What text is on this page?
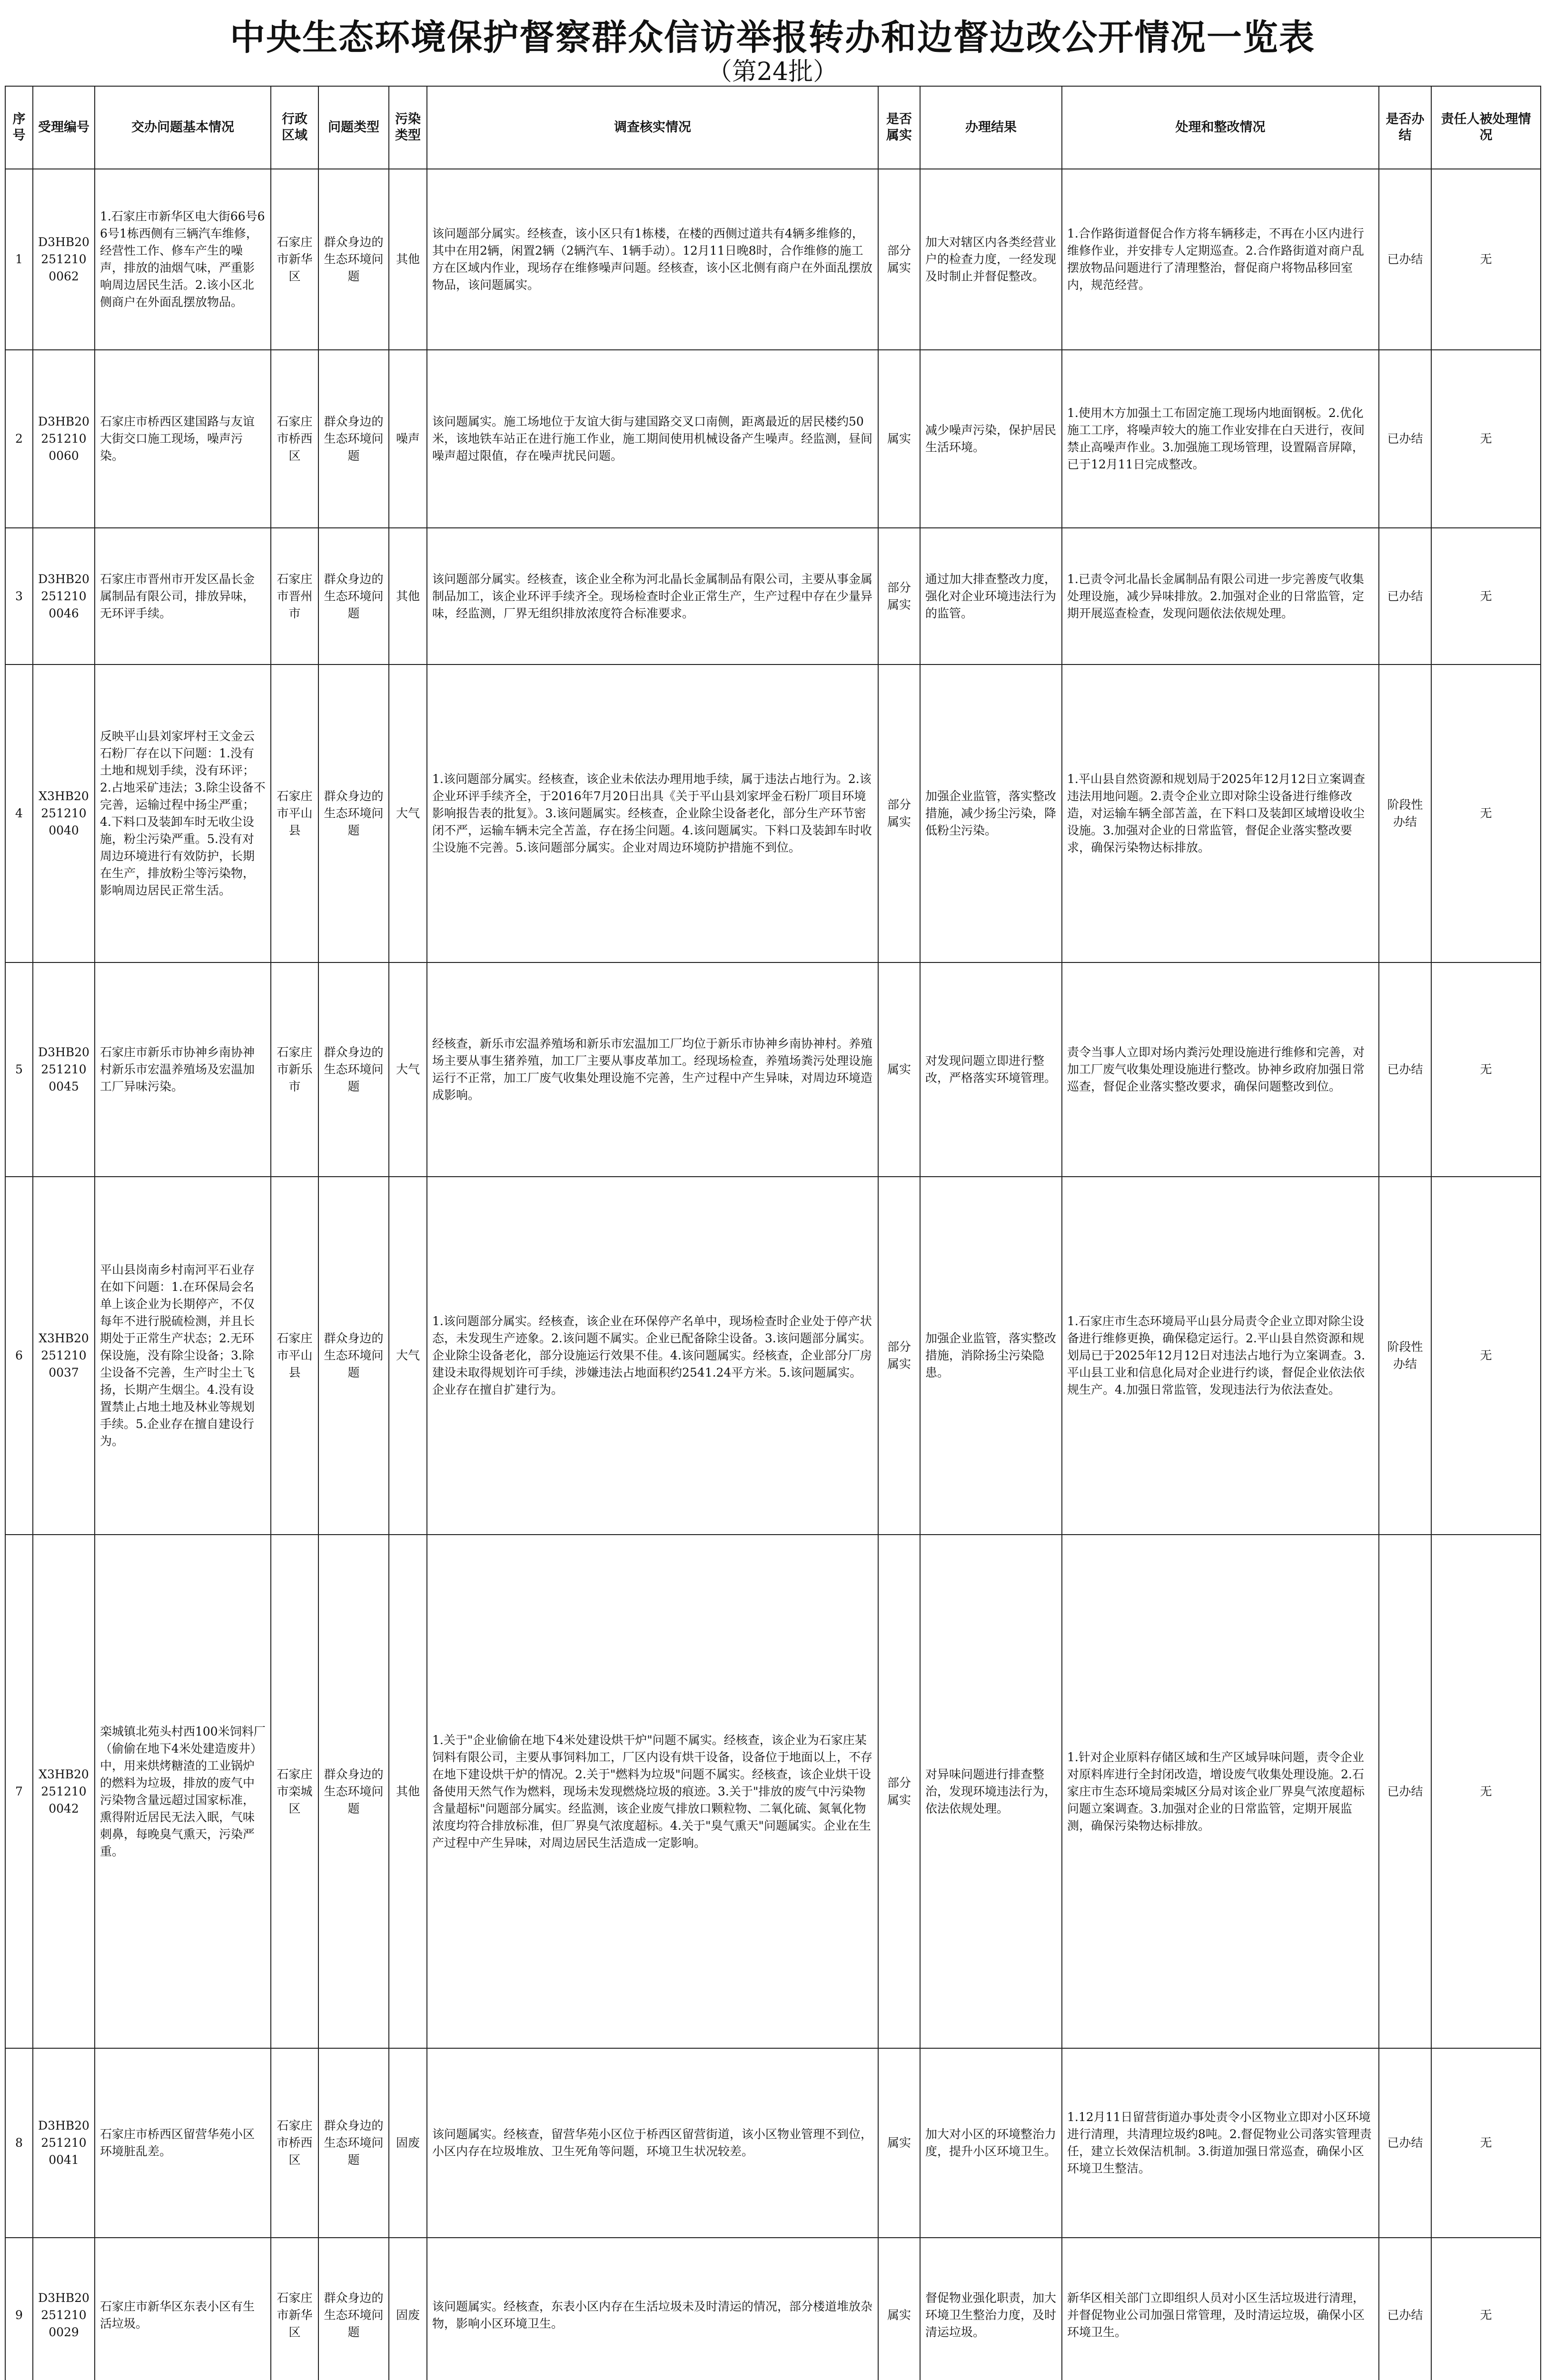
中央生态环境保护督察群众信访举报转办和边督边改公开情况一览表
（第24批）
序号	受理编号	交办问题基本情况	行政区域	问题类型	污染类型	调查核实情况	是否属实	办理结果	处理和整改情况	是否办结	责任人被处理情况
1	D3HB202512100062	1.石家庄市新华区电大街66号66号1栋西侧有三辆汽车维修，经营性工作、修车产生的噪声，排放的油烟气味，严重影响周边居民生活。2.该小区北侧商户在外面乱摆放物品。	石家庄市新华区	群众身边的生态环境问题	其他	该问题部分属实。经核查，该小区只有1栋楼，在楼的西侧过道共有4辆多维修的，其中在用2辆，闲置2辆（2辆汽车、1辆手动）。12月11日晚8时，合作维修的施工方在区域内作业，现场存在维修噪声问题。经核查，该小区北侧有商户在外面乱摆放物品，该问题属实。	部分属实	加大对辖区内各类经营业户的检查力度，一经发现及时制止并督促整改。	1.合作路街道督促合作方将车辆移走，不再在小区内进行维修作业，并安排专人定期巡查。2.合作路街道对商户乱摆放物品问题进行了清理整治，督促商户将物品移回室内，规范经营。	已办结	无
2	D3HB202512100060	石家庄市桥西区建国路与友谊大街交口施工现场，噪声污染。	石家庄市桥西区	群众身边的生态环境问题	噪声	该问题属实。施工场地位于友谊大街与建国路交叉口南侧，距离最近的居民楼约50米，该地铁车站正在进行施工作业，施工期间使用机械设备产生噪声。经监测，昼间噪声超过限值，存在噪声扰民问题。	属实	减少噪声污染，保护居民生活环境。	1.使用木方加强土工布固定施工现场内地面钢板。2.优化施工工序，将噪声较大的施工作业安排在白天进行，夜间禁止高噪声作业。3.加强施工现场管理，设置隔音屏障，已于12月11日完成整改。	已办结	无
3	D3HB202512100046	石家庄市晋州市开发区晶长金属制品有限公司，排放异味，无环评手续。	石家庄市晋州市	群众身边的生态环境问题	其他	该问题部分属实。经核查，该企业全称为河北晶长金属制品有限公司，主要从事金属制品加工，该企业环评手续齐全。现场检查时企业正常生产，生产过程中存在少量异味，经监测，厂界无组织排放浓度符合标准要求。	部分属实	通过加大排查整改力度，强化对企业环境违法行为的监管。	1.已责令河北晶长金属制品有限公司进一步完善废气收集处理设施，减少异味排放。2.加强对企业的日常监管，定期开展巡查检查，发现问题依法依规处理。	已办结	无
4	X3HB202512100040	反映平山县刘家坪村王文金云石粉厂存在以下问题：1.没有土地和规划手续，没有环评；2.占地采矿违法；3.除尘设备不完善，运输过程中扬尘严重；4.下料口及装卸车时无收尘设施，粉尘污染严重。5.没有对周边环境进行有效防护，长期在生产，排放粉尘等污染物，影响周边居民正常生活。	石家庄市平山县	群众身边的生态环境问题	大气	1.该问题部分属实。经核查，该企业未依法办理用地手续，属于违法占地行为。2.该企业环评手续齐全，于2016年7月20日出具《关于平山县刘家坪金石粉厂项目环境影响报告表的批复》。3.该问题属实。经核查，企业除尘设备老化，部分生产环节密闭不严，运输车辆未完全苫盖，存在扬尘问题。4.该问题属实。下料口及装卸车时收尘设施不完善。5.该问题部分属实。企业对周边环境防护措施不到位。	部分属实	加强企业监管，落实整改措施，减少扬尘污染，降低粉尘污染。	1.平山县自然资源和规划局于2025年12月12日立案调查违法用地问题。2.责令企业立即对除尘设备进行维修改造，对运输车辆全部苫盖，在下料口及装卸区域增设收尘设施。3.加强对企业的日常监管，督促企业落实整改要求，确保污染物达标排放。	阶段性办结	无
5	D3HB202512100045	石家庄市新乐市协神乡南协神村新乐市宏温养殖场及宏温加工厂异味污染。	石家庄市新乐市	群众身边的生态环境问题	大气	经核查，新乐市宏温养殖场和新乐市宏温加工厂均位于新乐市协神乡南协神村。养殖场主要从事生猪养殖，加工厂主要从事皮革加工。经现场检查，养殖场粪污处理设施运行不正常，加工厂废气收集处理设施不完善，生产过程中产生异味，对周边环境造成影响。	属实	对发现问题立即进行整改，严格落实环境管理。	责令当事人立即对场内粪污处理设施进行维修和完善，对加工厂废气收集处理设施进行整改。协神乡政府加强日常巡查，督促企业落实整改要求，确保问题整改到位。	已办结	无
6	X3HB202512100037	平山县岗南乡村南河平石业存在如下问题：1.在环保局会名单上该企业为长期停产，不仅每年不进行脱硫检测，并且长期处于正常生产状态；2.无环保设施，没有除尘设备；3.除尘设备不完善，生产时尘土飞扬，长期产生烟尘。4.没有设置禁止占地土地及林业等规划手续。5.企业存在擅自建设行为。	石家庄市平山县	群众身边的生态环境问题	大气	1.该问题部分属实。经核查，该企业在环保停产名单中，现场检查时企业处于停产状态，未发现生产迹象。2.该问题不属实。企业已配备除尘设备。3.该问题部分属实。企业除尘设备老化，部分设施运行效果不佳。4.该问题属实。经核查，企业部分厂房建设未取得规划许可手续，涉嫌违法占地面积约2541.24平方米。5.该问题属实。企业存在擅自扩建行为。	部分属实	加强企业监管，落实整改措施，消除扬尘污染隐患。	1.石家庄市生态环境局平山县分局责令企业立即对除尘设备进行维修更换，确保稳定运行。2.平山县自然资源和规划局已于2025年12月12日对违法占地行为立案调查。3.平山县工业和信息化局对企业进行约谈，督促企业依法依规生产。4.加强日常监管，发现违法行为依法查处。	阶段性办结	无
7	X3HB202512100042	栾城镇北苑头村西100米饲料厂（偷偷在地下4米处建造废井）中，用来烘烤糖渣的工业锅炉的燃料为垃圾，排放的废气中污染物含量远超过国家标准，熏得附近居民无法入眠，气味刺鼻，每晚臭气熏天，污染严重。	石家庄市栾城区	群众身边的生态环境问题	其他	1.关于"企业偷偷在地下4米处建设烘干炉"问题不属实。经核查，该企业为石家庄某饲料有限公司，主要从事饲料加工，厂区内设有烘干设备，设备位于地面以上，不存在地下建设烘干炉的情况。2.关于"燃料为垃圾"问题不属实。经核查，该企业烘干设备使用天然气作为燃料，现场未发现燃烧垃圾的痕迹。3.关于"排放的废气中污染物含量超标"问题部分属实。经监测，该企业废气排放口颗粒物、二氧化硫、氮氧化物浓度均符合排放标准，但厂界臭气浓度超标。4.关于"臭气熏天"问题属实。企业在生产过程中产生异味，对周边居民生活造成一定影响。	部分属实	对异味问题进行排查整治，发现环境违法行为，依法依规处理。	1.针对企业原料存储区域和生产区域异味问题，责令企业对原料库进行全封闭改造，增设废气收集处理设施。2.石家庄市生态环境局栾城区分局对该企业厂界臭气浓度超标问题立案调查。3.加强对企业的日常监管，定期开展监测，确保污染物达标排放。	已办结	无
8	D3HB202512100041	石家庄市桥西区留营华苑小区环境脏乱差。	石家庄市桥西区	群众身边的生态环境问题	固废	该问题属实。经核查，留营华苑小区位于桥西区留营街道，该小区物业管理不到位，小区内存在垃圾堆放、卫生死角等问题，环境卫生状况较差。	属实	加大对小区的环境整治力度，提升小区环境卫生。	1.12月11日留营街道办事处责令小区物业立即对小区环境进行清理，共清理垃圾约8吨。2.督促物业公司落实管理责任，建立长效保洁机制。3.街道加强日常巡查，确保小区环境卫生整洁。	已办结	无
9	D3HB202512100029	石家庄市新华区东表小区有生活垃圾。	石家庄市新华区	群众身边的生态环境问题	固废	该问题属实。经核查，东表小区内存在生活垃圾未及时清运的情况，部分楼道堆放杂物，影响小区环境卫生。	属实	督促物业强化职责，加大环境卫生整治力度，及时清运垃圾。	新华区相关部门立即组织人员对小区生活垃圾进行清理，并督促物业公司加强日常管理，及时清运垃圾，确保小区环境卫生。	已办结	无
